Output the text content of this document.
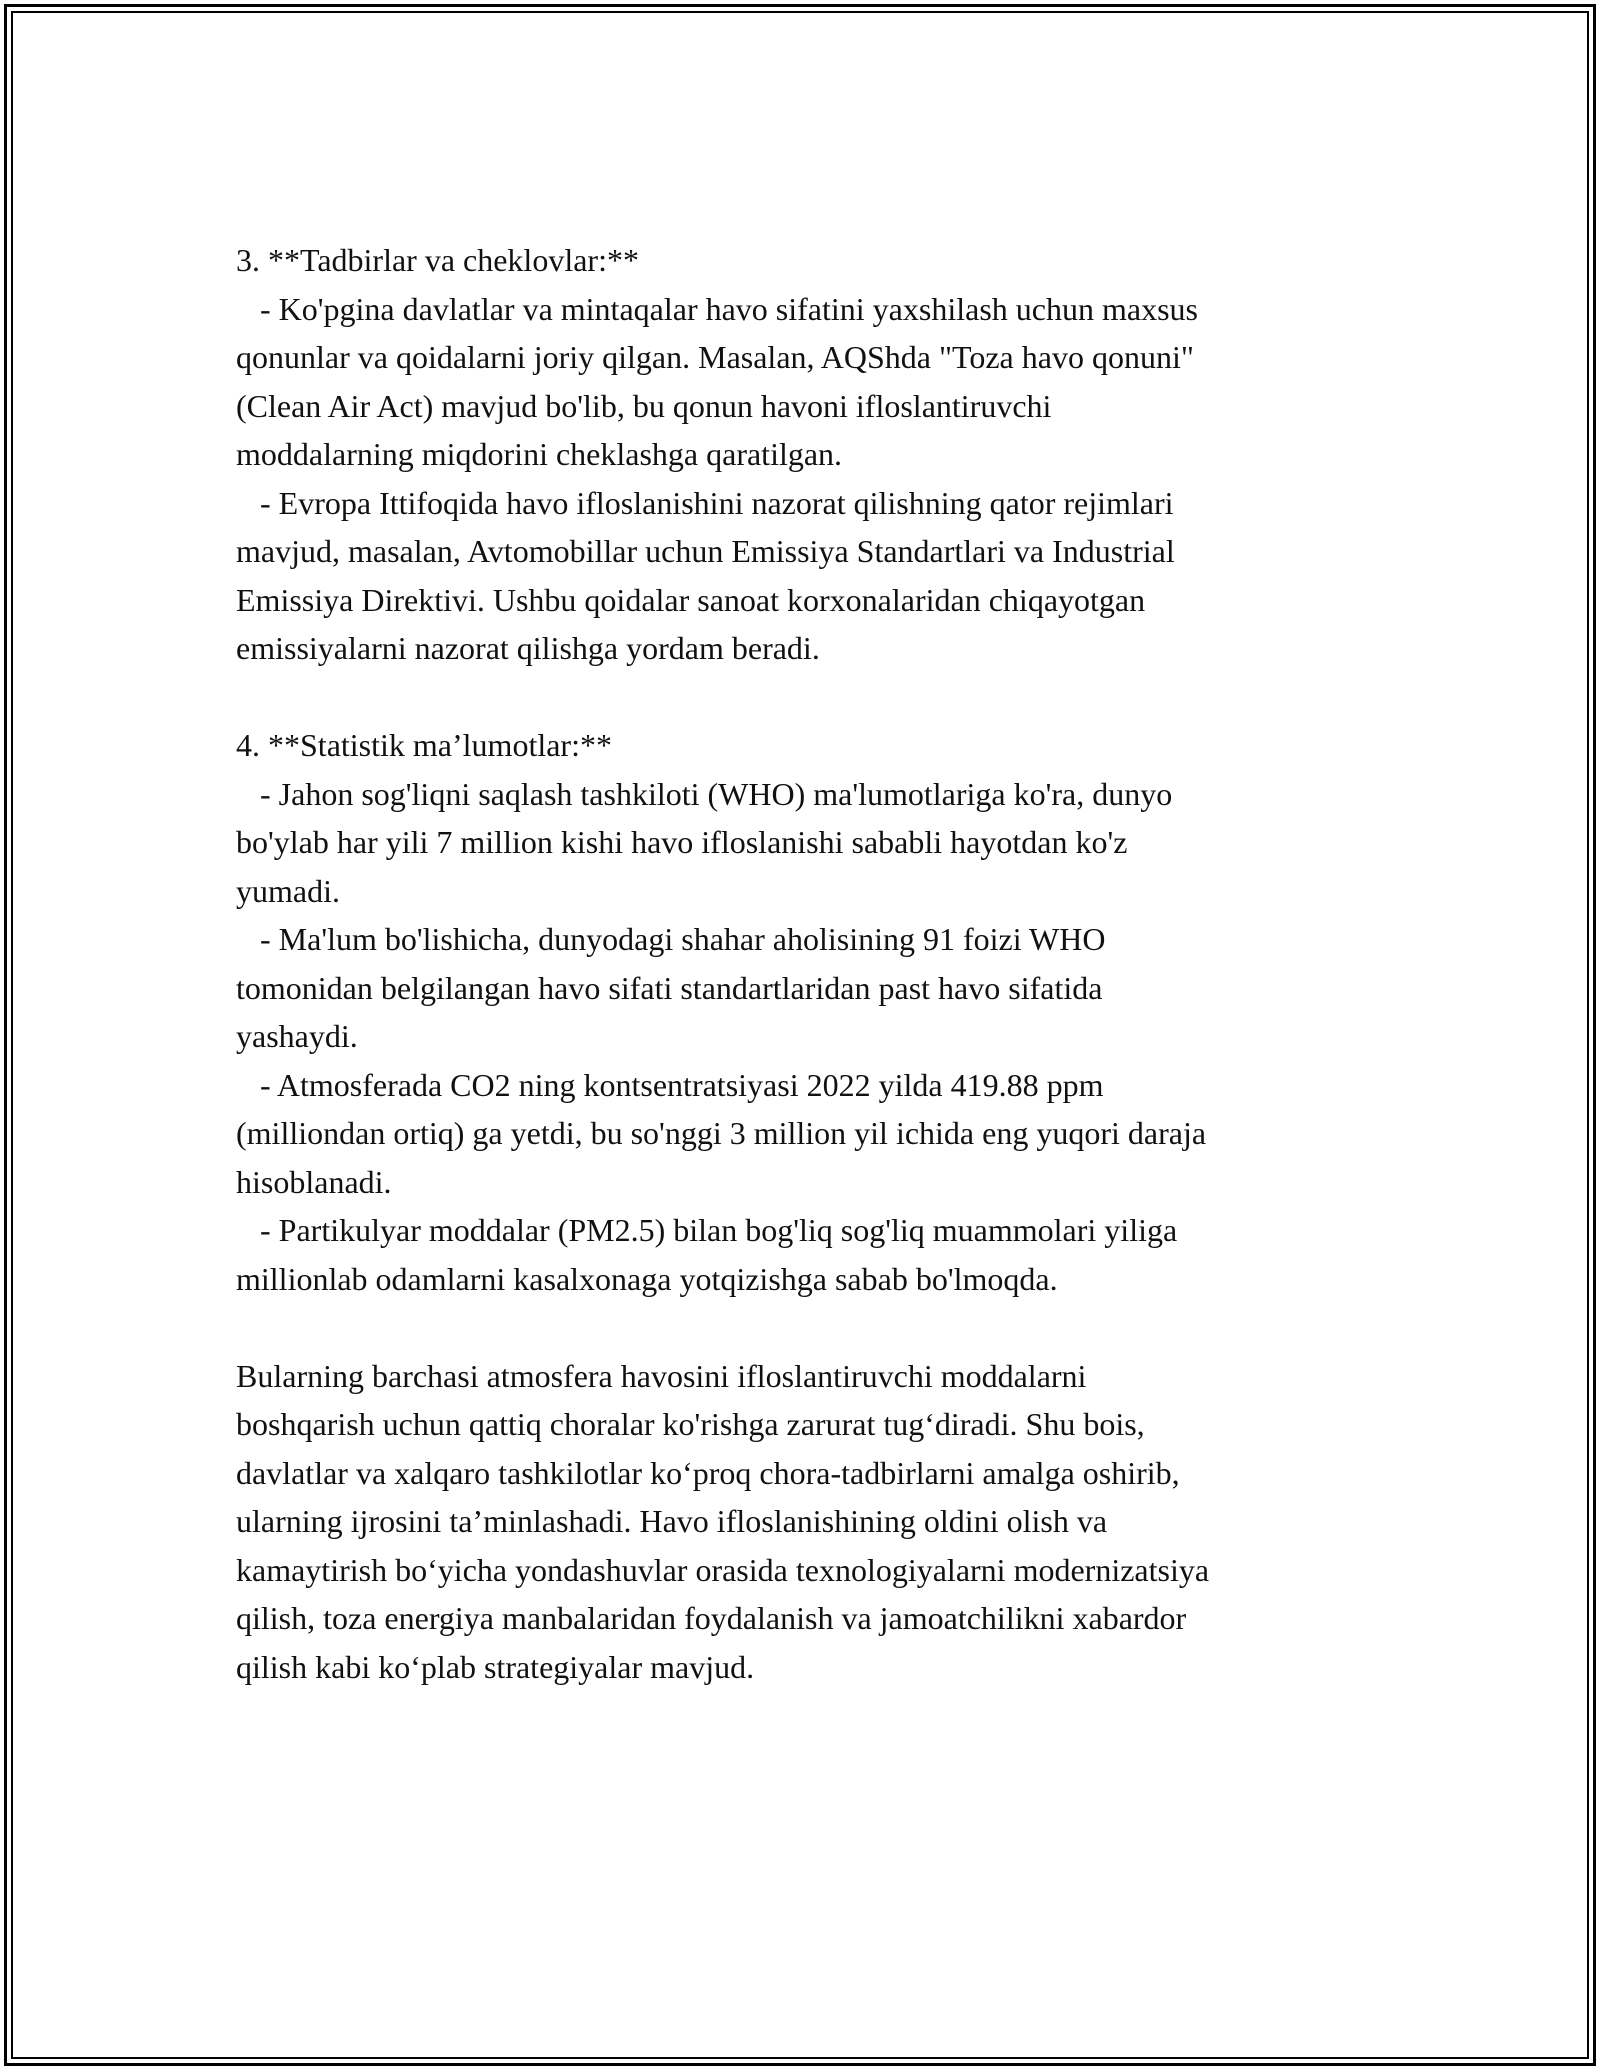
3. **Tadbirlar va cheklovlar:**

- Ko'pgina davlatlar va mintaqalar havo sifatini yaxshilash uchun maxsus

qonunlar va qoidalarni joriy qilgan. Masalan, AQShda "Toza havo qonuni"

(Clean Air Act) mavjud bo'lib, bu qonun havoni ifloslantiruvchi

moddalarning miqdorini cheklashga qaratilgan.

- Evropa Ittifoqida havo ifloslanishini nazorat qilishning qator rejimlari

mavjud, masalan, Avtomobillar uchun Emissiya Standartlari va Industrial

Emissiya Direktivi. Ushbu qoidalar sanoat korxonalaridan chiqayotgan

emissiyalarni nazorat qilishga yordam beradi.

4. **Statistik ma’lumotlar:**

- Jahon sog'liqni saqlash tashkiloti (WHO) ma'lumotlariga ko'ra, dunyo

bo'ylab har yili 7 million kishi havo ifloslanishi sababli hayotdan ko'z

yumadi.

- Ma'lum bo'lishicha, dunyodagi shahar aholisining 91 foizi WHO

tomonidan belgilangan havo sifati standartlaridan past havo sifatida

yashaydi.

- Atmosferada CO2 ning kontsentratsiyasi 2022 yilda 419.88 ppm

(milliondan ortiq) ga yetdi, bu so'nggi 3 million yil ichida eng yuqori daraja

hisoblanadi.

- Partikulyar moddalar (PM2.5) bilan bog'liq sog'liq muammolari yiliga

millionlab odamlarni kasalxonaga yotqizishga sabab bo'lmoqda.

Bularning barchasi atmosfera havosini ifloslantiruvchi moddalarni

boshqarish uchun qattiq choralar ko'rishga zarurat tug‘diradi. Shu bois,

davlatlar va xalqaro tashkilotlar ko‘proq chora-tadbirlarni amalga oshirib,

ularning ijrosini ta’minlashadi. Havo ifloslanishining oldini olish va

kamaytirish bo‘yicha yondashuvlar orasida texnologiyalarni modernizatsiya

qilish, toza energiya manbalaridan foydalanish va jamoatchilikni xabardor

qilish kabi ko‘plab strategiyalar mavjud.
